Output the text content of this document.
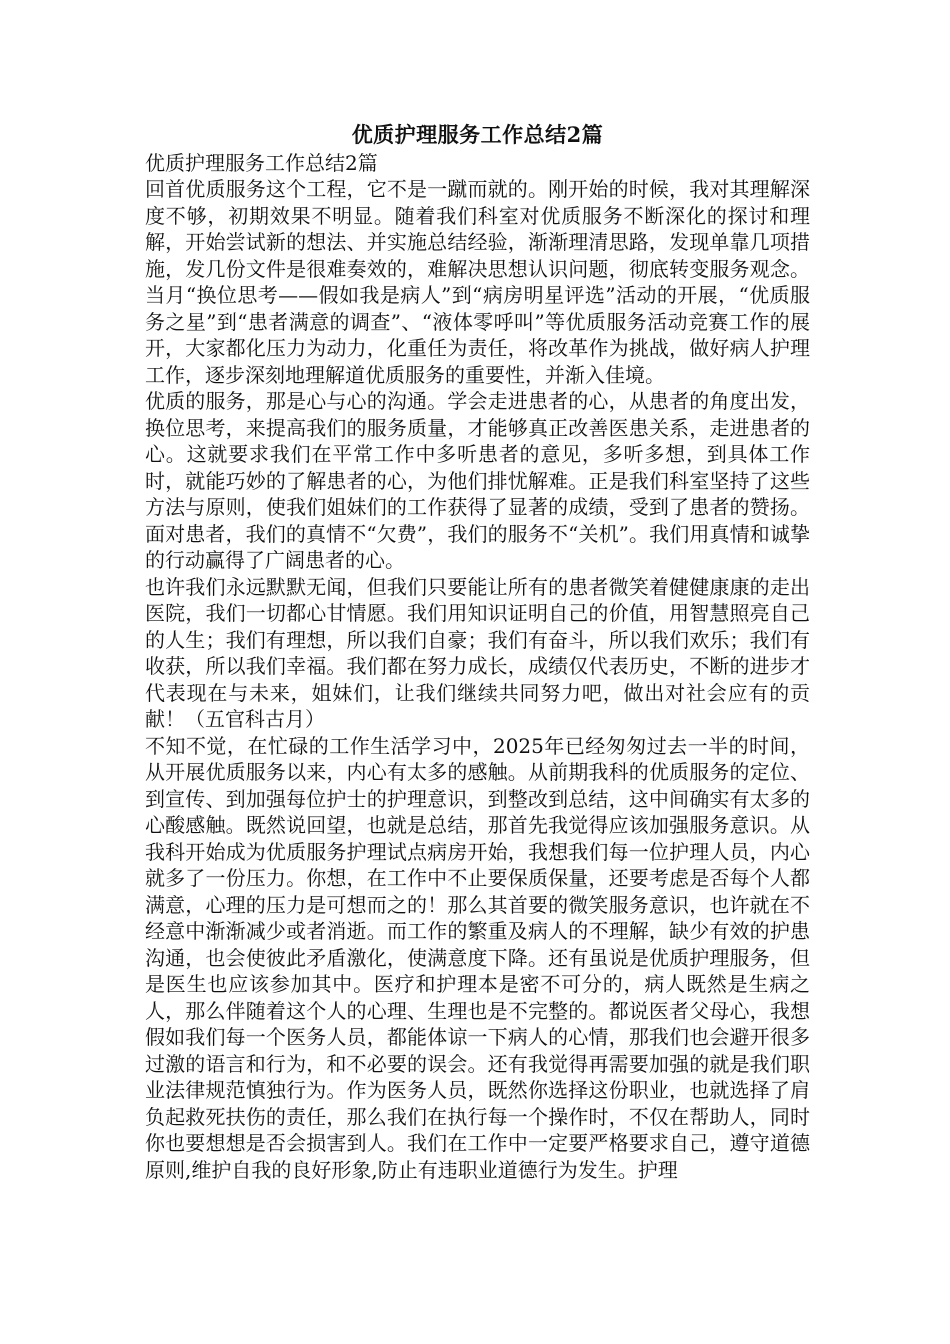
优质护理服务工作总结2篇

优质护理服务工作总结2篇

回首优质服务这个工程，它不是一蹴而就的。刚开始的时候，我对其理解深度不够，初期效果不明显。随着我们科室对优质服务不断深化的探讨和理解，开始尝试新的想法、并实施总结经验，渐渐理清思路，发现单靠几项措施，发几份文件是很难奏效的，难解决思想认识问题，彻底转变服务观念。当月“换位思考——假如我是病人”到“病房明星评选”活动的开展，“优质服务之星”到“患者满意的调查”、“液体零呼叫”等优质服务活动竞赛工作的展开，大家都化压力为动力，化重任为责任，将改革作为挑战，做好病人护理工作，逐步深刻地理解道优质服务的重要性，并渐入佳境。

优质的服务，那是心与心的沟通。学会走进患者的心，从患者的角度出发，换位思考，来提高我们的服务质量，才能够真正改善医患关系，走进患者的心。这就要求我们在平常工作中多听患者的意见，多听多想，到具体工作时，就能巧妙的了解患者的心，为他们排忧解难。正是我们科室坚持了这些方法与原则，使我们姐妹们的工作获得了显著的成绩，受到了患者的赞扬。面对患者，我们的真情不“欠费”，我们的服务不“关机”。我们用真情和诚挚的行动赢得了广阔患者的心。

也许我们永远默默无闻，但我们只要能让所有的患者微笑着健健康康的走出医院，我们一切都心甘情愿。我们用知识证明自己的价值，用智慧照亮自己的人生；我们有理想，所以我们自豪；我们有奋斗，所以我们欢乐；我们有收获，所以我们幸福。我们都在努力成长，成绩仅代表历史，不断的进步才代表现在与未来，姐妹们，让我们继续共同努力吧，做出对社会应有的贡献！（五官科古月）

不知不觉，在忙碌的工作生活学习中，2025年已经匆匆过去一半的时间，从开展优质服务以来，内心有太多的感触。从前期我科的优质服务的定位、到宣传、到加强每位护士的护理意识，到整改到总结，这中间确实有太多的心酸感触。既然说回望，也就是总结，那首先我觉得应该加强服务意识。从我科开始成为优质服务护理试点病房开始，我想我们每一位护理人员，内心就多了一份压力。你想，在工作中不止要保质保量，还要考虑是否每个人都满意，心理的压力是可想而之的！那么其首要的微笑服务意识，也许就在不经意中渐渐减少或者消逝。而工作的繁重及病人的不理解，缺少有效的护患沟通，也会使彼此矛盾激化，使满意度下降。还有虽说是优质护理服务，但是医生也应该参加其中。医疗和护理本是密不可分的，病人既然是生病之人，那么伴随着这个人的心理、生理也是不完整的。都说医者父母心，我想假如我们每一个医务人员，都能体谅一下病人的心情，那我们也会避开很多过激的语言和行为，和不必要的误会。还有我觉得再需要加强的就是我们职业法律规范慎独行为。作为医务人员，既然你选择这份职业，也就选择了肩负起救死扶伤的责任，那么我们在执行每一个操作时，不仅在帮助人，同时你也要想想是否会损害到人。我们在工作中一定要严格要求自己，遵守道德原则,维护自我的良好形象,防止有违职业道德行为发生。护理
